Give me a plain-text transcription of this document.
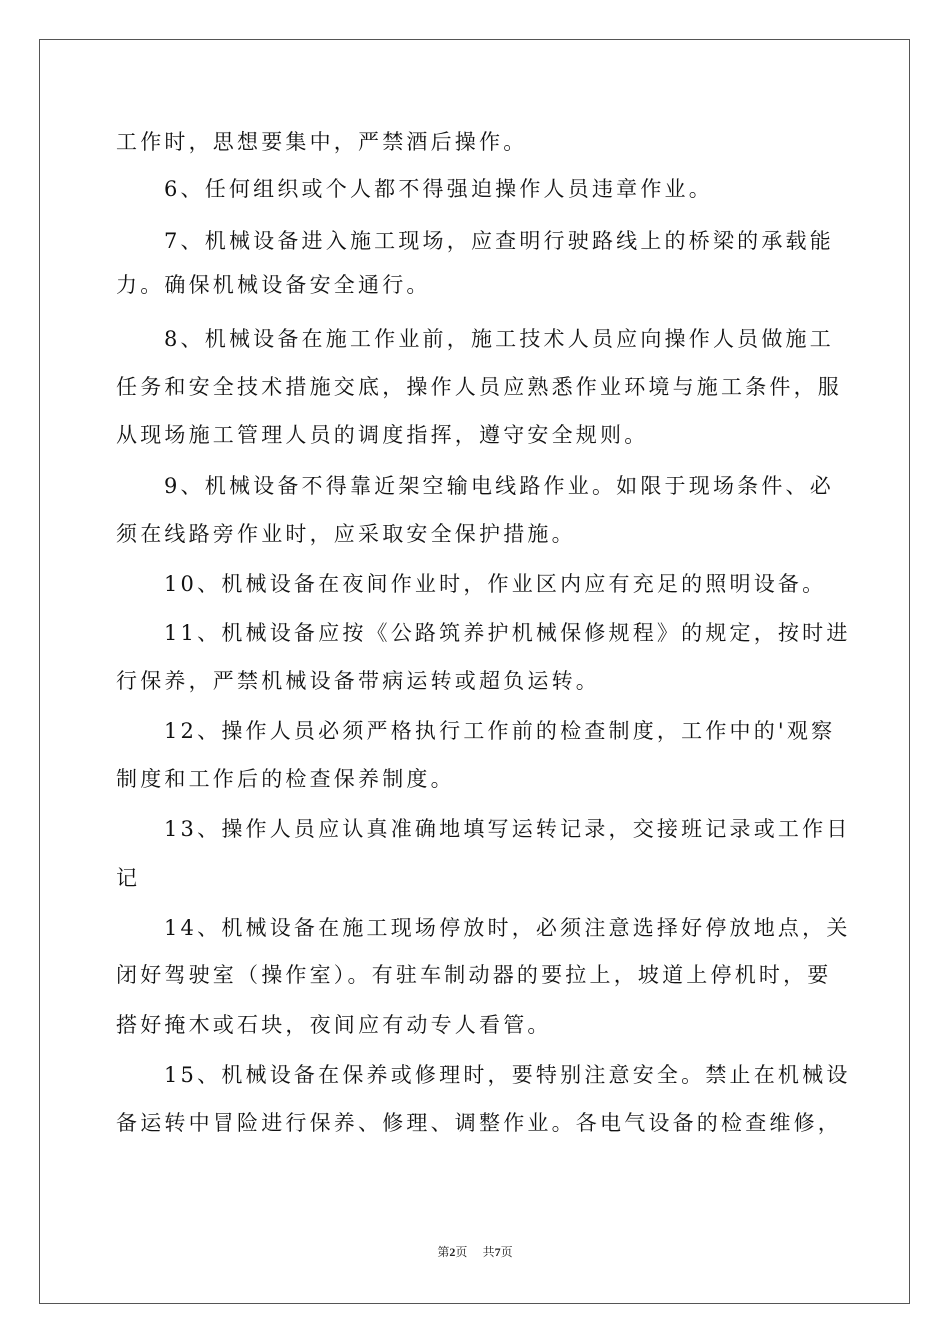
工作时，思想要集中，严禁酒后操作。
6、任何组织或个人都不得强迫操作人员违章作业。
7、机械设备进入施工现场，应查明行驶路线上的桥梁的承载能
力。确保机械设备安全通行。
8、机械设备在施工作业前，施工技术人员应向操作人员做施工
任务和安全技术措施交底，操作人员应熟悉作业环境与施工条件，服
从现场施工管理人员的调度指挥，遵守安全规则。
9、机械设备不得靠近架空输电线路作业。如限于现场条件、必
须在线路旁作业时，应采取安全保护措施。
10、机械设备在夜间作业时，作业区内应有充足的照明设备。
11、机械设备应按《公路筑养护机械保修规程》的规定，按时进
行保养，严禁机械设备带病运转或超负运转。
12、操作人员必须严格执行工作前的检查制度，工作中的'观察
制度和工作后的检查保养制度。
13、操作人员应认真准确地填写运转记录，交接班记录或工作日
记
14、机械设备在施工现场停放时，必须注意选择好停放地点，关
闭好驾驶室（操作室）。有驻车制动器的要拉上，坡道上停机时，要
搭好掩木或石块，夜间应有动专人看管。
15、机械设备在保养或修理时，要特别注意安全。禁止在机械设
备运转中冒险进行保养、修理、调整作业。各电气设备的检查维修，
第2页 共7页
